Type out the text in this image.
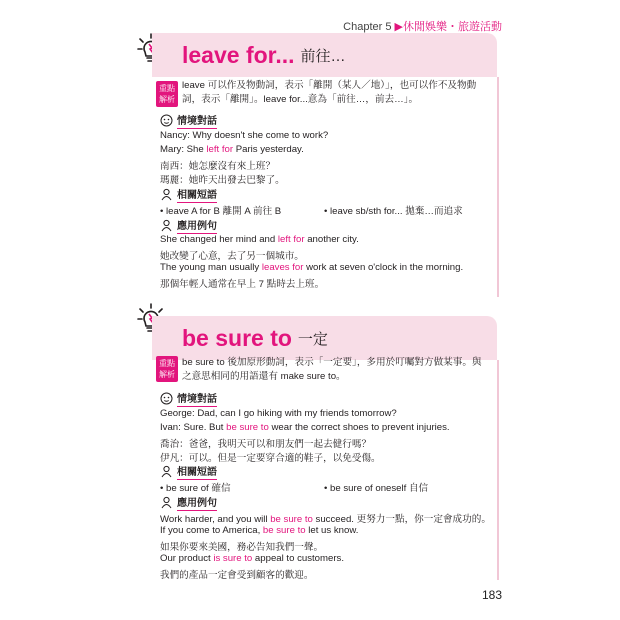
Chapter 5 ▶休閒娛樂・旅遊活動
leave for... 前往…
重點
解析
leave 可以作及物動詞，表示「離開（某人／地）」，也可以作不及物動詞，表示「離開」。leave for...意為「前往…，前去…」。
情境對話
Nancy: Why doesn't she come to work?
Mary: She left for Paris yesterday.
南西：她怎麼沒有來上班？
瑪麗：她昨天出發去巴黎了。
相關短語
• leave A for B 離開 A 前往 B	• leave sb/sth for... 拋棄…而追求
應用例句
She changed her mind and left for another city.
她改變了心意，去了另一個城市。
The young man usually leaves for work at seven o'clock in the morning.
那個年輕人通常在早上 7 點時去上班。
be sure to 一定
重點
解析
be sure to 後加原形動詞，表示「一定要」，多用於叮囑對方做某事。與之意思相同的用語還有 make sure to。
情境對話
George: Dad, can I go hiking with my friends tomorrow?
Ivan: Sure. But be sure to wear the correct shoes to prevent injuries.
喬治：爸爸，我明天可以和朋友們一起去健行嗎？
伊凡：可以。但是一定要穿合適的鞋子，以免受傷。
相關短語
• be sure of 確信	• be sure of oneself 自信
應用例句
Work harder, and you will be sure to succeed. 更努力一點，你一定會成功的。
If you come to America, be sure to let us know.
如果你要來美國，務必告知我們一聲。
Our product is sure to appeal to customers.
我們的產品一定會受到顧客的歡迎。
183
